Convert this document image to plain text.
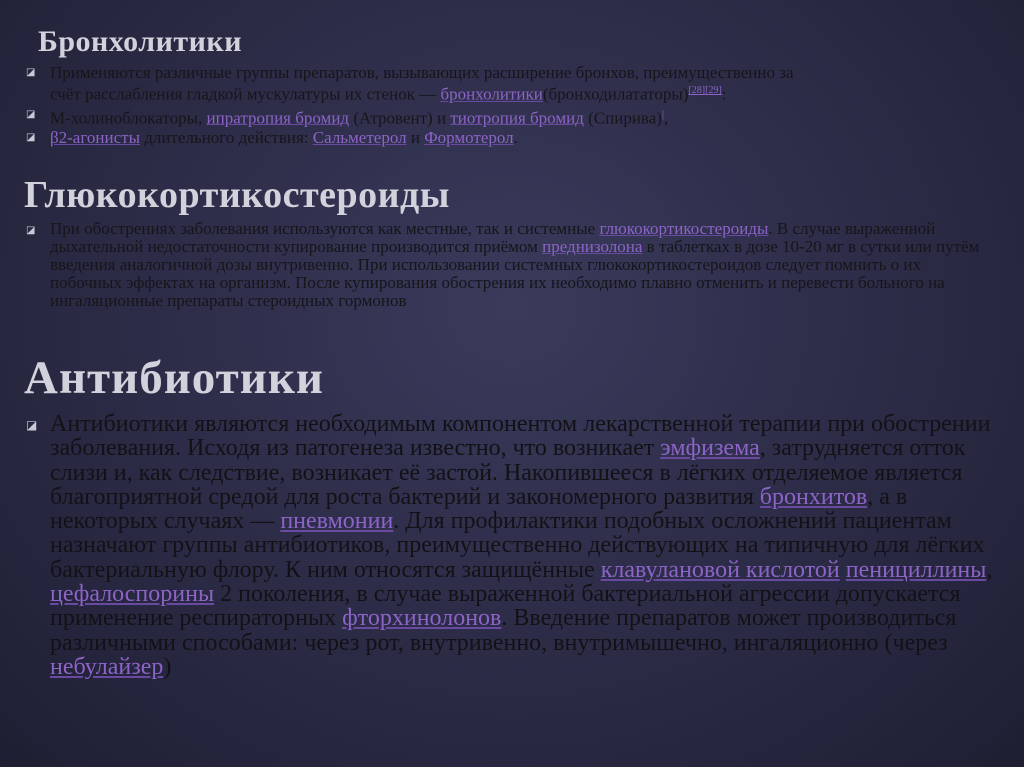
Бронхолитики

◪ Применяются различные группы препаратов, вызывающих расширение бронхов, преимущественно за счёт расслабления гладкой мускулатуры их стенок — бронхолитики(бронходилататоры)[28][29]:

◪ М-холиноблокаторы, ипратропия бромид (Атровент) и тиотропия бромид (Спирива)|,

◪ β2-агонисты длительного действия: Сальметерол и Формотерол.

Глюкокортикостероиды

◪ При обострениях заболевания используются как местные, так и системные глюкокортикостероиды. В случае выраженной дыхательной недостаточности купирование производится приёмом преднизолона в таблетках в дозе 10-20 мг в сутки или путём введения аналогичной дозы внутривенно. При использовании системных глюкокортикостероидов следует помнить о их побочных эффектах на организм. После купирования обострения их необходимо плавно отменить и перевести больного на ингаляционные препараты стероидных гормонов

Антибиотики

◪ Антибиотики являются необходимым компонентом лекарственной терапии при обострении заболевания. Исходя из патогенеза известно, что возникает эмфизема, затрудняется отток слизи и, как следствие, возникает её застой. Накопившееся в лёгких отделяемое является благоприятной средой для роста бактерий и закономерного развития бронхитов, а в некоторых случаях — пневмонии. Для профилактики подобных осложнений пациентам назначают группы антибиотиков, преимущественно действующих на типичную для лёгких бактериальную флору. К ним относятся защищённые клавулановой кислотой пенициллины, цефалоспорины 2 поколения, в случае выраженной бактериальной агрессии допускается применение респираторных фторхинолонов. Введение препаратов может производиться различными способами: через рот, внутривенно, внутримышечно, ингаляционно (через небулайзер)
